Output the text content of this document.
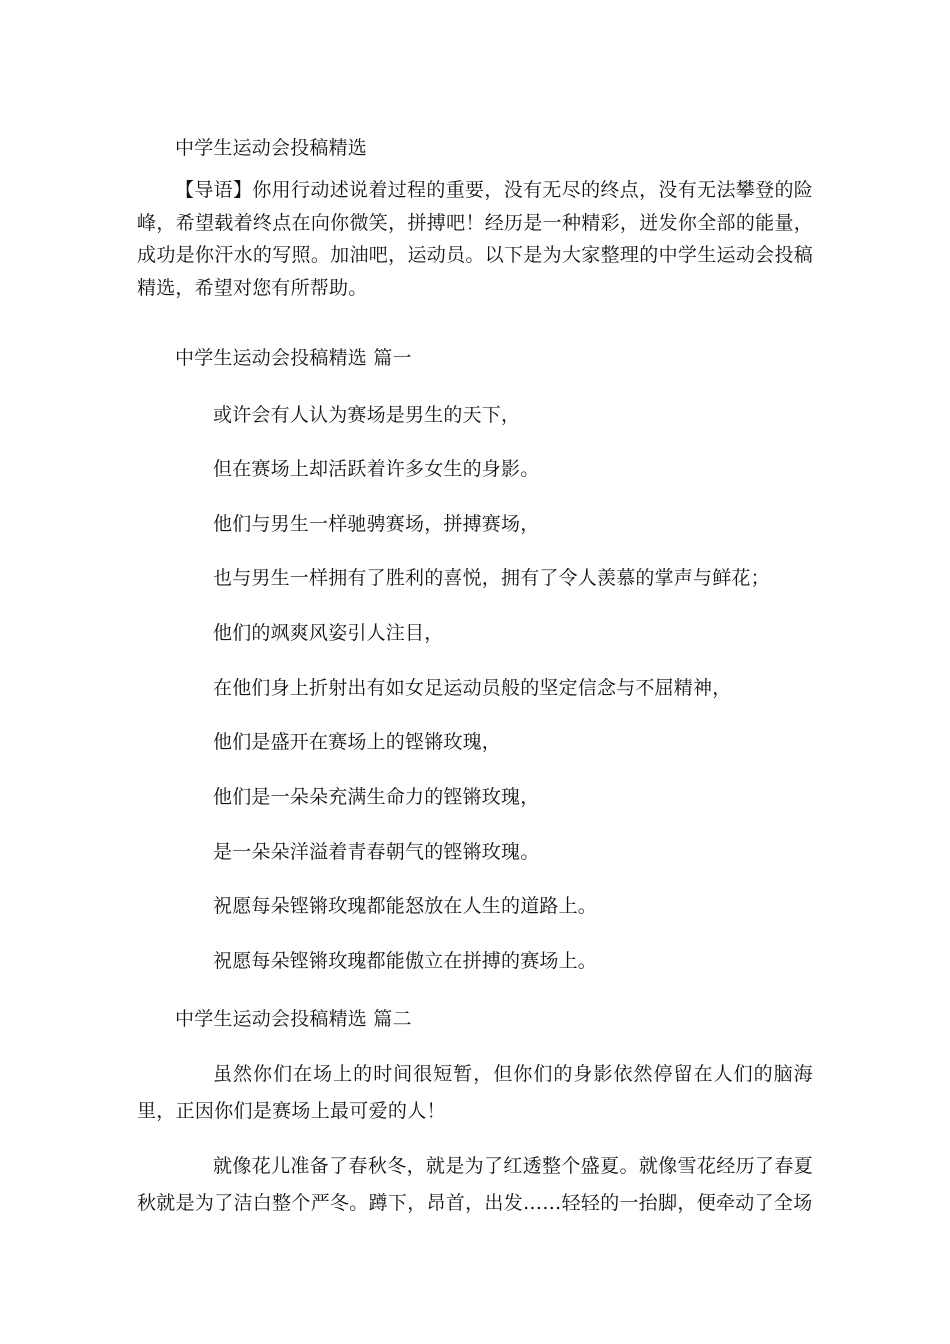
中学生运动会投稿精选

【导语】你用行动述说着过程的重要，没有无尽的终点，没有无法攀登的险峰，希望载着终点在向你微笑，拼搏吧！经历是一种精彩，迸发你全部的能量，成功是你汗水的写照。加油吧，运动员。以下是为大家整理的中学生运动会投稿精选，希望对您有所帮助。

中学生运动会投稿精选 篇一
或许会有人认为赛场是男生的天下，
但在赛场上却活跃着许多女生的身影。
他们与男生一样驰骋赛场，拼搏赛场，
也与男生一样拥有了胜利的喜悦，拥有了令人羡慕的掌声与鲜花；
他们的飒爽风姿引人注目，
在他们身上折射出有如女足运动员般的坚定信念与不屈精神，
他们是盛开在赛场上的铿锵玫瑰，
他们是一朵朵充满生命力的铿锵玫瑰，
是一朵朵洋溢着青春朝气的铿锵玫瑰。
祝愿每朵铿锵玫瑰都能怒放在人生的道路上。
祝愿每朵铿锵玫瑰都能傲立在拼搏的赛场上。
中学生运动会投稿精选 篇二

虽然你们在场上的时间很短暂，但你们的身影依然停留在人们的脑海里，正因你们是赛场上最可爱的人！

就像花儿准备了春秋冬，就是为了红透整个盛夏。就像雪花经历了春夏秋就是为了洁白整个严冬。蹲下，昂首，出发……轻轻的一抬脚，便牵动了全场
